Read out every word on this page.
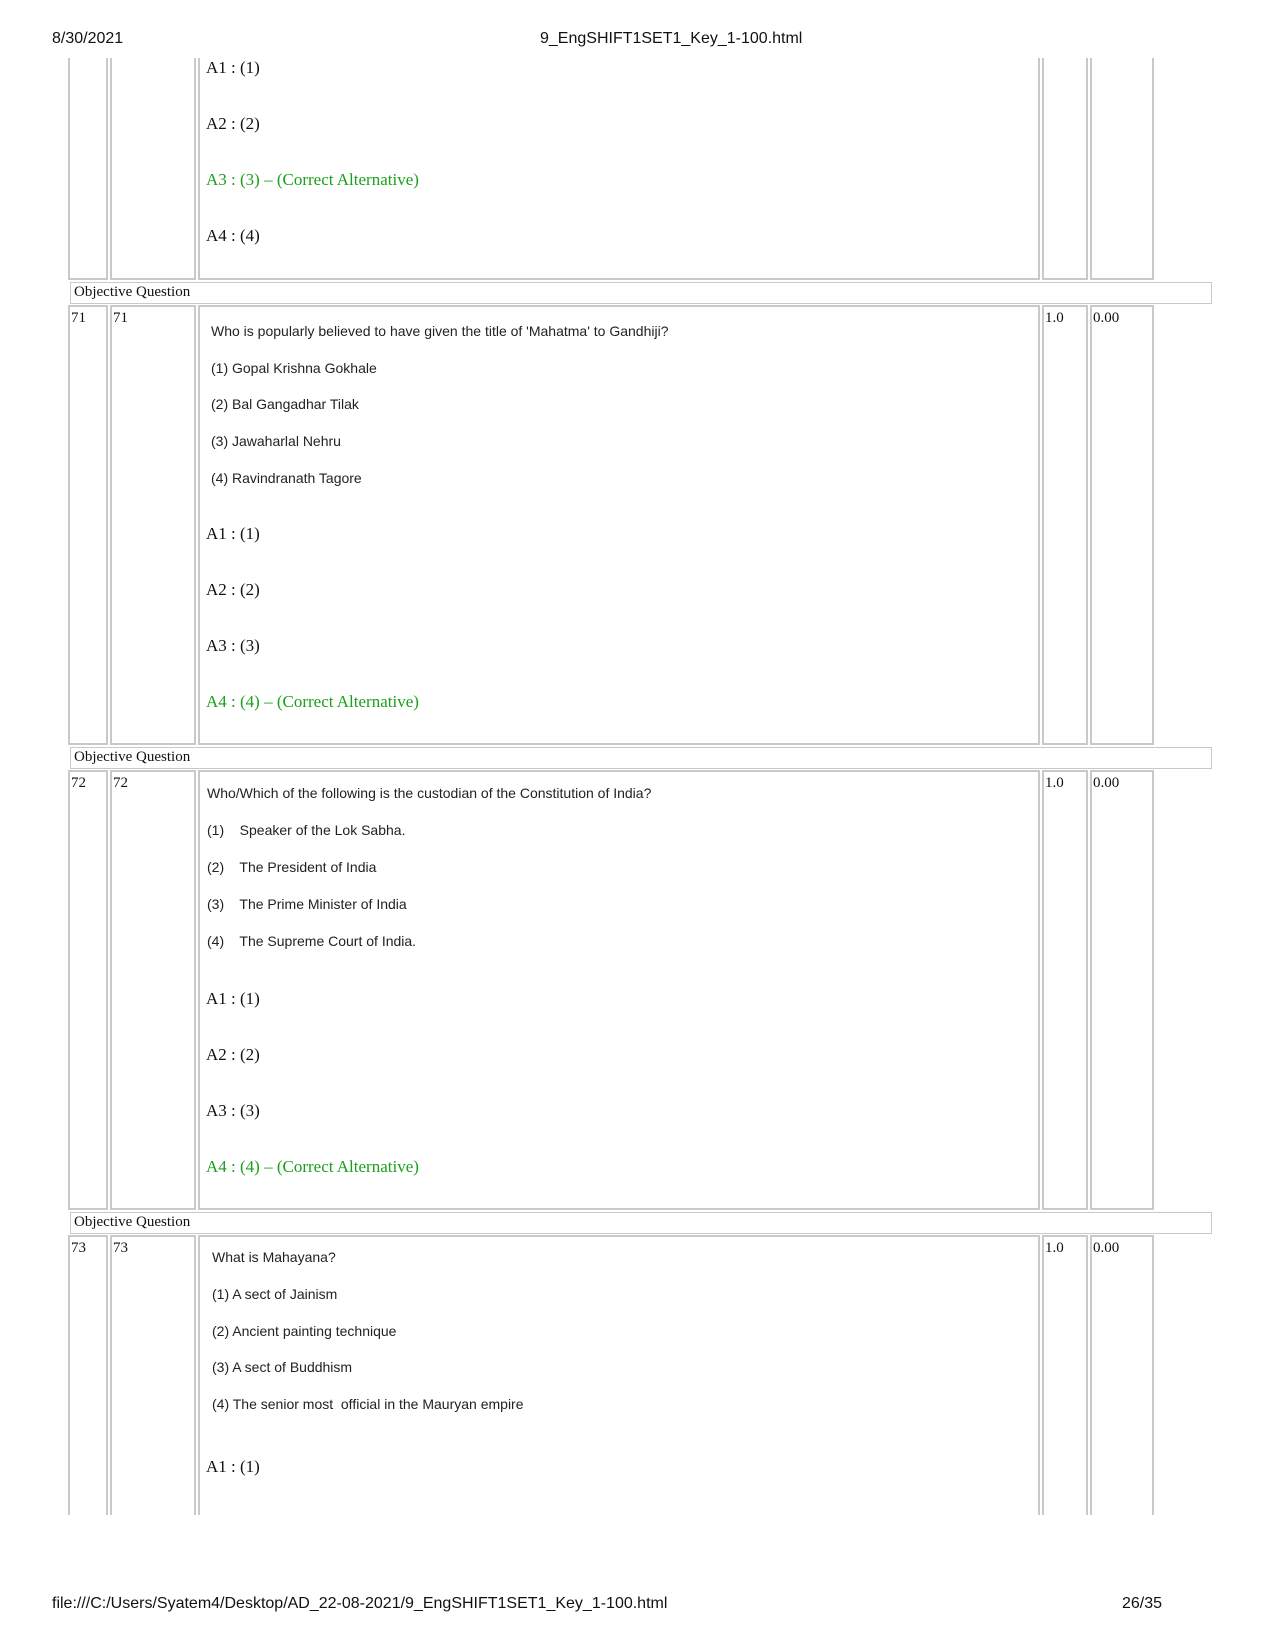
8/30/2021	9_EngSHIFT1SET1_Key_1-100.html
A1 : (1)
A2 : (2)
A3 : (3) – (Correct Alternative)
A4 : (4)
Objective Question
71 71
Who is popularly believed to have given the title of 'Mahatma' to Gandhiji?
(1) Gopal Krishna Gokhale
(2) Bal Gangadhar Tilak
(3) Jawaharlal Nehru
(4) Ravindranath Tagore
A1 : (1)
A2 : (2)
A3 : (3)
A4 : (4) – (Correct Alternative)
1.0 0.00
Objective Question
72 72
Who/Which of the following is the custodian of the Constitution of India?
(1)    Speaker of the Lok Sabha.
(2)    The President of India
(3)    The Prime Minister of India
(4)    The Supreme Court of India.
A1 : (1)
A2 : (2)
A3 : (3)
A4 : (4) – (Correct Alternative)
1.0 0.00
Objective Question
73 73
What is Mahayana?
(1) A sect of Jainism
(2) Ancient painting technique
(3) A sect of Buddhism
(4) The senior most  official in the Mauryan empire
A1 : (1)
1.0 0.00
file:///C:/Users/Syatem4/Desktop/AD_22-08-2021/9_EngSHIFT1SET1_Key_1-100.html	26/35
